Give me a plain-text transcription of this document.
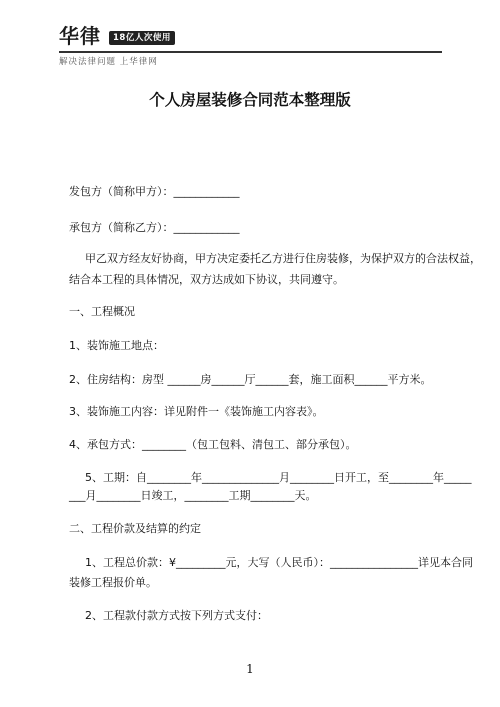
华律	18亿人次使用
解决法律问题 上华律网
个人房屋装修合同范本整理版
发包方（简称甲方）：____________
承包方（简称乙方）：____________
甲乙双方经友好协商，甲方决定委托乙方进行住房装修，为保护双方的合法权益，
结合本工程的具体情况，双方达成如下协议，共同遵守。
一、工程概况
1、装饰施工地点：
2、住房结构：房型 ______房______厅______套，施工面积______平方米。
3、装饰施工内容：详见附件一《装饰施工内容表》。
4、承包方式：________（包工包料、清包工、部分承包）。
5、工期：自________年______________月________日开工，至________年_____
___月________日竣工，________工期________天。
二、工程价款及结算的约定
1、工程总价款：¥_________元，大写（人民币）：________________详见本合同
装修工程报价单。
2、工程款付款方式按下列方式支付：
1
